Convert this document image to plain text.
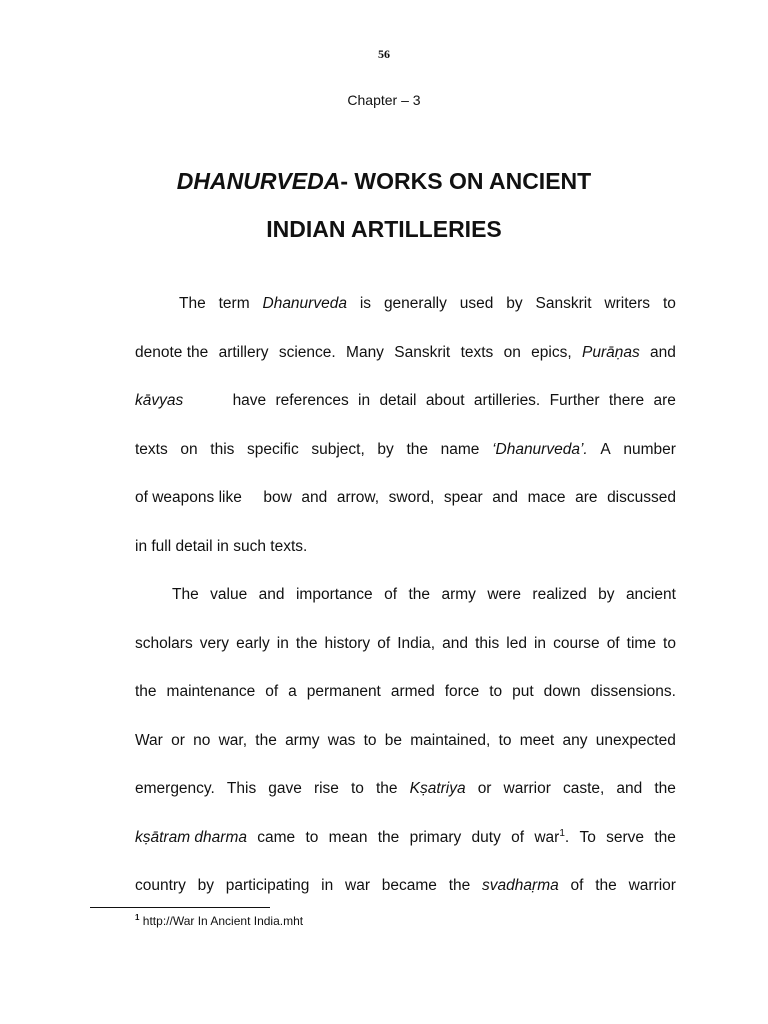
56
Chapter – 3
DHANURVEDA- WORKS ON ANCIENT
INDIAN ARTILLERIES
The term Dhanurveda is generally used by Sanskrit writers to
denote the artillery science. Many Sanskrit texts on epics, Purāṇas and
kāvyas	have references in detail about artilleries. Further there are
texts on this specific subject, by the name ‘Dhanurveda’. A number
of weapons like bow and arrow, sword, spear and mace are discussed
in full detail in such texts.
The value and importance of the army were realized by ancient
scholars very early in the history of India, and this led in course of time to
the maintenance of a permanent armed force to put down dissensions.
War or no war, the army was to be maintained, to meet any unexpected
emergency. This gave rise to the Kṣatriya or warrior caste, and the
kṣātram dharma came to mean the primary duty of war$^1$. To serve the
country by participating in war became the svadhaṛma of the warrior
$^1$ http://War In Ancient India.mht
